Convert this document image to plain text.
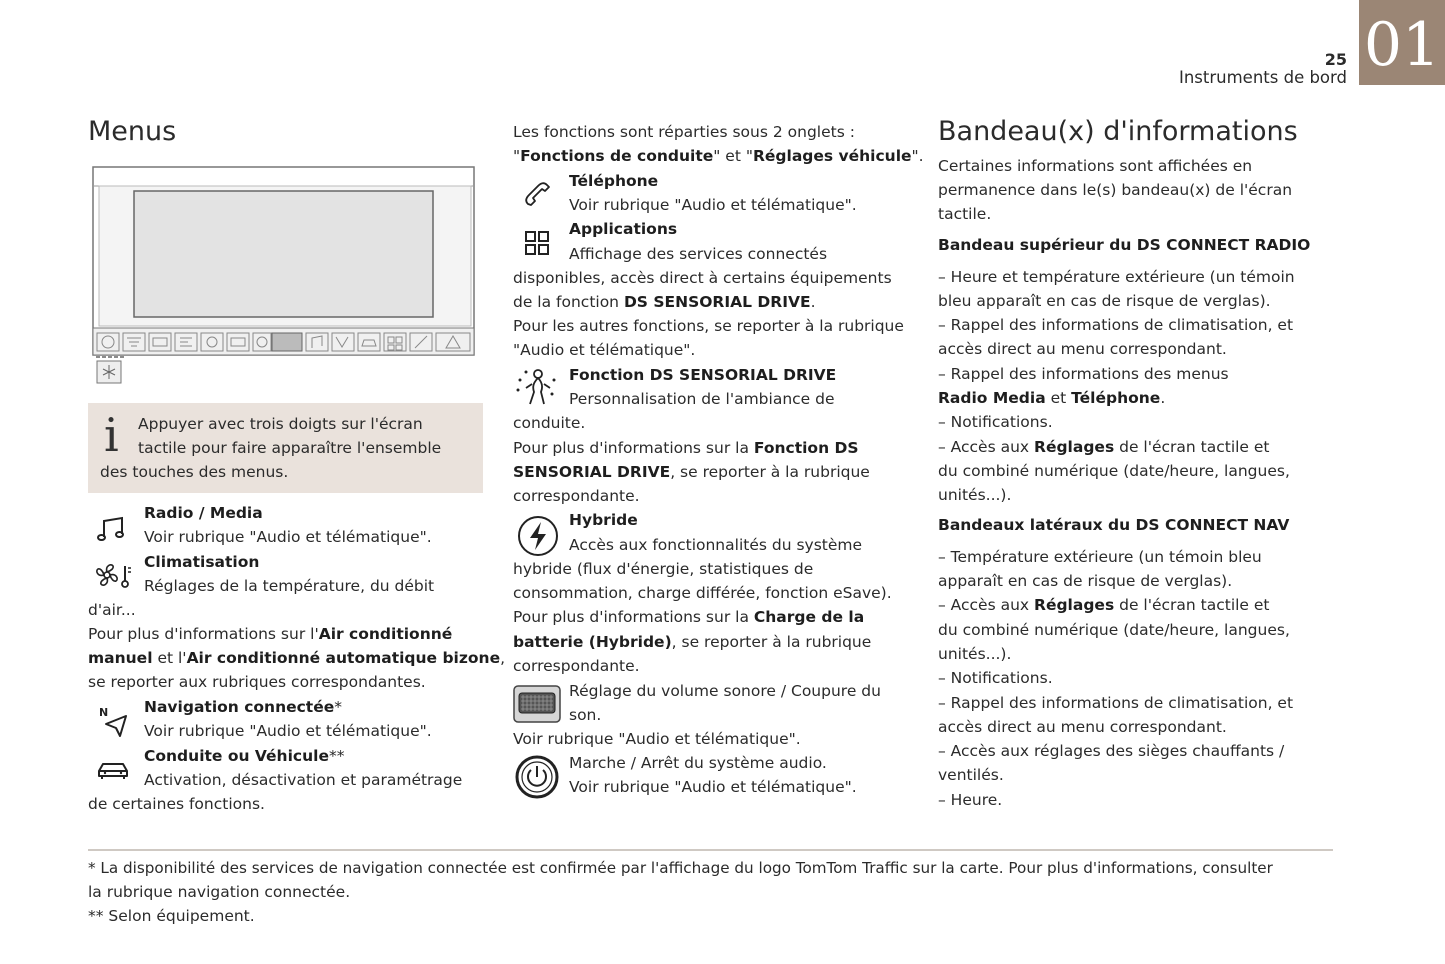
01
25
Instruments de bord
Menus
i Appuyer avec trois doigts sur l'écran
tactile pour faire apparaître l'ensemble
des touches des menus.
Radio / Media
Voir rubrique "Audio et télématique".
Climatisation
Réglages de la température, du débit
d'air...
Pour plus d'informations sur l'Air conditionné
manuel et l'Air conditionné automatique bizone,
se reporter aux rubriques correspondantes.
N Navigation connectée*
Voir rubrique "Audio et télématique".
Conduite ou Véhicule**
Activation, désactivation et paramétrage
de certaines fonctions.
Les fonctions sont réparties sous 2 onglets :
"Fonctions de conduite" et "Réglages véhicule".
Téléphone
Voir rubrique "Audio et télématique".
Applications
Affichage des services connectés
disponibles, accès direct à certains équipements
de la fonction DS SENSORIAL DRIVE.
Pour les autres fonctions, se reporter à la rubrique
"Audio et télématique".
Fonction DS SENSORIAL DRIVE
Personnalisation de l'ambiance de
conduite.
Pour plus d'informations sur la Fonction DS
SENSORIAL DRIVE, se reporter à la rubrique
correspondante.
Hybride
Accès aux fonctionnalités du système
hybride (flux d'énergie, statistiques de
consommation, charge différée, fonction eSave).
Pour plus d'informations sur la Charge de la
batterie (Hybride), se reporter à la rubrique
correspondante.
Réglage du volume sonore / Coupure du
son.
Voir rubrique "Audio et télématique".
Marche / Arrêt du système audio.
Voir rubrique "Audio et télématique".
Bandeau(x) d'informations
Certaines informations sont affichées en
permanence dans le(s) bandeau(x) de l'écran
tactile.
Bandeau supérieur du DS CONNECT RADIO
– Heure et température extérieure (un témoin
bleu apparaît en cas de risque de verglas).
– Rappel des informations de climatisation, et
accès direct au menu correspondant.
– Rappel des informations des menus
Radio Media et Téléphone.
– Notifications.
– Accès aux Réglages de l'écran tactile et
du combiné numérique (date/heure, langues,
unités...).
Bandeaux latéraux du DS CONNECT NAV
– Température extérieure (un témoin bleu
apparaît en cas de risque de verglas).
– Accès aux Réglages de l'écran tactile et
du combiné numérique (date/heure, langues,
unités...).
– Notifications.
– Rappel des informations de climatisation, et
accès direct au menu correspondant.
– Accès aux réglages des sièges chauffants /
ventilés.
– Heure.
* La disponibilité des services de navigation connectée est confirmée par l'affichage du logo TomTom Traffic sur la carte. Pour plus d'informations, consulter
la rubrique navigation connectée.
** Selon équipement.
